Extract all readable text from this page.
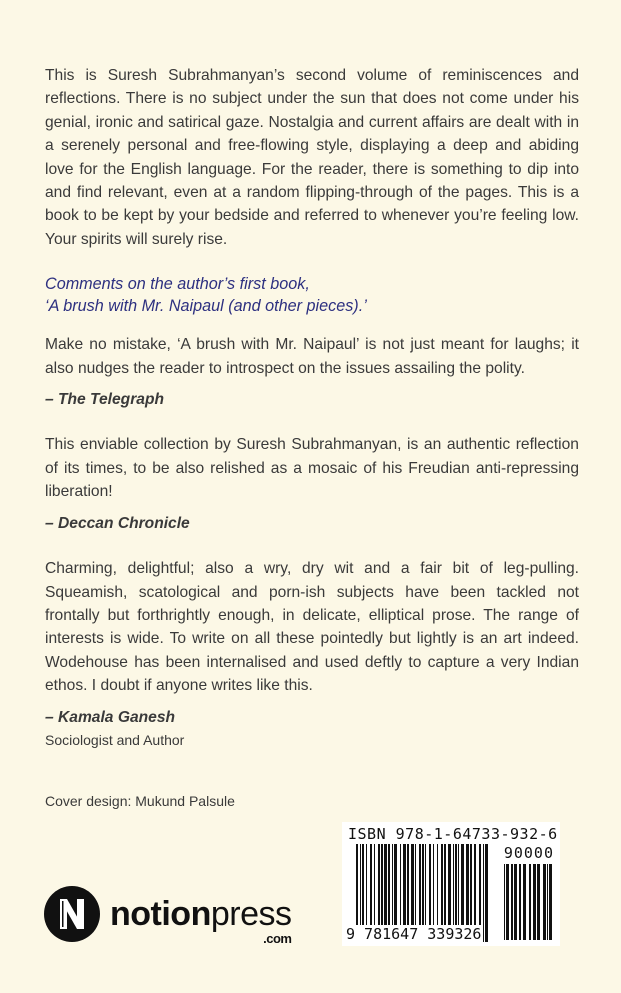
This is Suresh Subrahmanyan’s second volume of reminiscences and reflections. There is no subject under the sun that does not come under his genial, ironic and satirical gaze. Nostalgia and current affairs are dealt with in a serenely personal and free-flowing style, displaying a deep and abiding love for the English language. For the reader, there is something to dip into and find relevant, even at a random flipping-through of the pages. This is a book to be kept by your bedside and referred to whenever you’re feeling low. Your spirits will surely rise.

Comments on the author’s first book,
‘A brush with Mr. Naipaul (and other pieces).’

Make no mistake, ‘A brush with Mr. Naipaul’ is not just meant for laughs; it also nudges the reader to introspect on the issues assailing the polity.

– The Telegraph

This enviable collection by Suresh Subrahmanyan, is an authentic reflection of its times, to be also relished as a mosaic of his Freudian anti-repressing liberation!

– Deccan Chronicle

Charming, delightful; also a wry, dry wit and a fair bit of leg-pulling. Squeamish, scatological and porn-ish subjects have been tackled not frontally but forthrightly enough, in delicate, elliptical prose. The range of interests is wide. To write on all these pointedly but lightly is an art indeed. Wodehouse has been internalised and used deftly to capture a very Indian ethos. I doubt if anyone writes like this.

– Kamala Ganesh
Sociologist and Author
Cover design: Mukund Palsule
ISBN 978-1-64733-932-6
90000
9 781647 339326
notionpress
.com
